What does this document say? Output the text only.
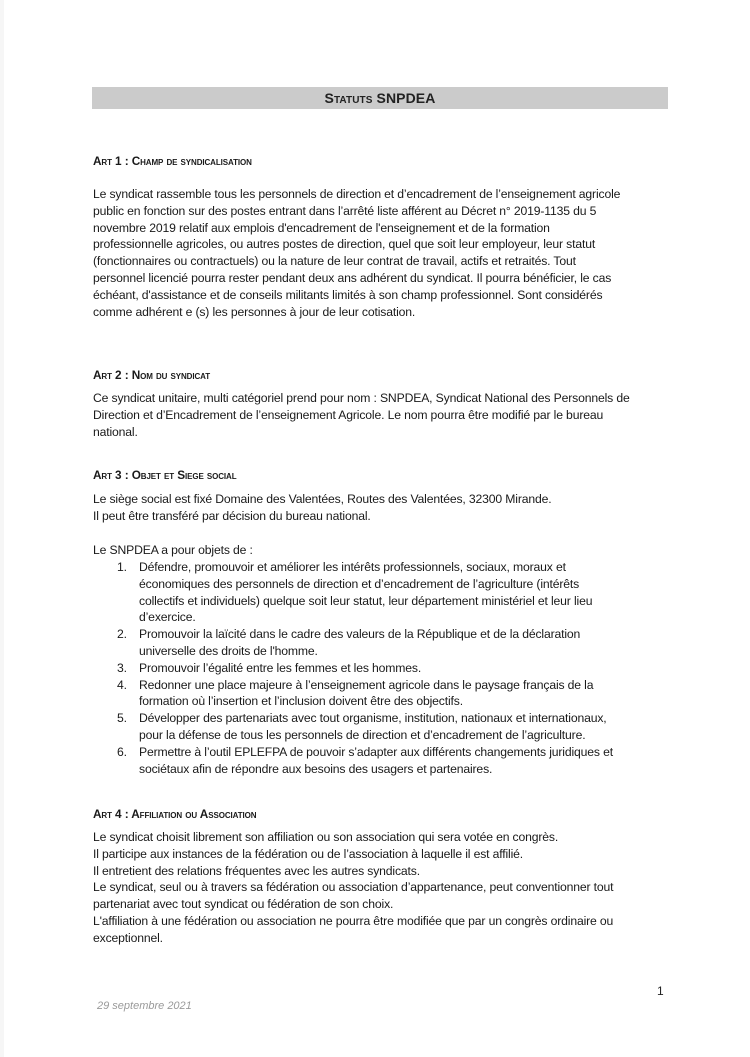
Statuts SNPDEA
Art 1 : Champ de syndicalisation
Le syndicat rassemble tous les personnels de direction et d’encadrement de l’enseignement agricole
public en fonction sur des postes entrant dans l’arrêté liste afférent au Décret n° 2019-1135 du 5
novembre 2019 relatif aux emplois d'encadrement de l'enseignement et de la formation
professionnelle agricoles, ou autres postes de direction, quel que soit leur employeur, leur statut
(fonctionnaires ou contractuels) ou la nature de leur contrat de travail, actifs et retraités. Tout
personnel licencié pourra rester pendant deux ans adhérent du syndicat. Il pourra bénéficier, le cas
échéant, d'assistance et de conseils militants limités à son champ professionnel. Sont considérés
comme adhérent e (s) les personnes à jour de leur cotisation.
Art 2 : Nom du syndicat
Ce syndicat unitaire, multi catégoriel prend pour nom : SNPDEA, Syndicat National des Personnels de
Direction et d’Encadrement de l’enseignement Agricole. Le nom pourra être modifié par le bureau
national.
Art 3 : Objet et Siege social
Le siège social est fixé Domaine des Valentées, Routes des Valentées, 32300 Mirande.
Il peut être transféré par décision du bureau national.
Le SNPDEA a pour objets de :
1. Défendre, promouvoir et améliorer les intérêts professionnels, sociaux, moraux et
économiques des personnels de direction et d’encadrement de l’agriculture (intérêts
collectifs et individuels) quelque soit leur statut, leur département ministériel et leur lieu
d’exercice.
2. Promouvoir la laïcité dans le cadre des valeurs de la République et de la déclaration
universelle des droits de l'homme.
3. Promouvoir l’égalité entre les femmes et les hommes.
4. Redonner une place majeure à l’enseignement agricole dans le paysage français de la
formation où l’insertion et l’inclusion doivent être des objectifs.
5. Développer des partenariats avec tout organisme, institution, nationaux et internationaux,
pour la défense de tous les personnels de direction et d’encadrement de l’agriculture.
6. Permettre à l’outil EPLEFPA de pouvoir s’adapter aux différents changements juridiques et
sociétaux afin de répondre aux besoins des usagers et partenaires.
Art 4 : Affiliation ou Association
Le syndicat choisit librement son affiliation ou son association qui sera votée en congrès.
Il participe aux instances de la fédération ou de l’association à laquelle il est affilié.
Il entretient des relations fréquentes avec les autres syndicats.
Le syndicat, seul ou à travers sa fédération ou association d’appartenance, peut conventionner tout
partenariat avec tout syndicat ou fédération de son choix.
L'affiliation à une fédération ou association ne pourra être modifiée que par un congrès ordinaire ou
exceptionnel.
1
29 septembre 2021
